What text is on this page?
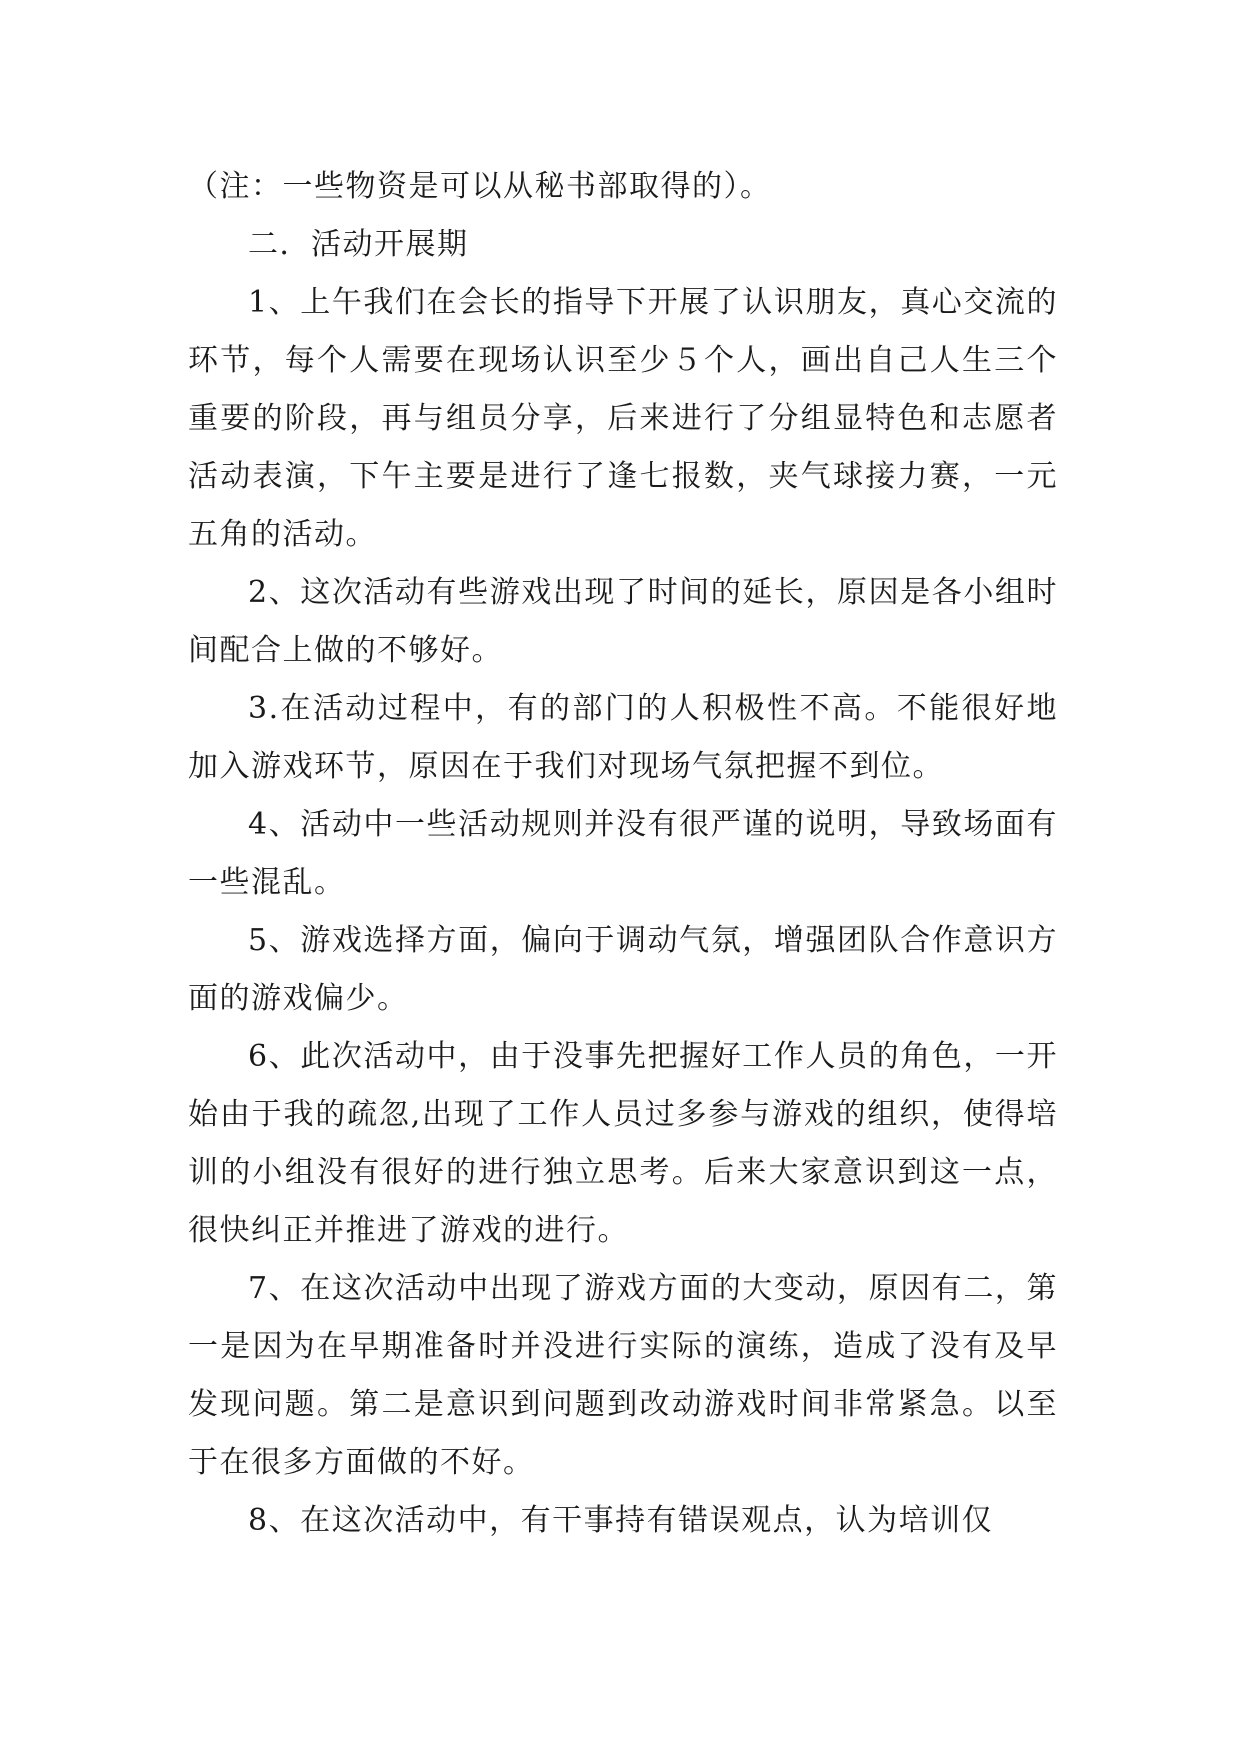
（注：一些物资是可以从秘书部取得的）。

二．活动开展期

1、上午我们在会长的指导下开展了认识朋友，真心交流的环节，每个人需要在现场认识至少５个人，画出自己人生三个重要的阶段，再与组员分享，后来进行了分组显特色和志愿者活动表演，下午主要是进行了逢七报数，夹气球接力赛，一元五角的活动。

2、这次活动有些游戏出现了时间的延长，原因是各小组时间配合上做的不够好。

3.在活动过程中，有的部门的人积极性不高。不能很好地加入游戏环节，原因在于我们对现场气氛把握不到位。

4、活动中一些活动规则并没有很严谨的说明，导致场面有一些混乱。

5、游戏选择方面，偏向于调动气氛，增强团队合作意识方面的游戏偏少。

6、此次活动中，由于没事先把握好工作人员的角色，一开始由于我的疏忽,出现了工作人员过多参与游戏的组织，使得培训的小组没有很好的进行独立思考。后来大家意识到这一点，很快纠正并推进了游戏的进行。

7、在这次活动中出现了游戏方面的大变动，原因有二，第一是因为在早期准备时并没进行实际的演练，造成了没有及早发现问题。第二是意识到问题到改动游戏时间非常紧急。以至于在很多方面做的不好。

8、在这次活动中，有干事持有错误观点，认为培训仅
